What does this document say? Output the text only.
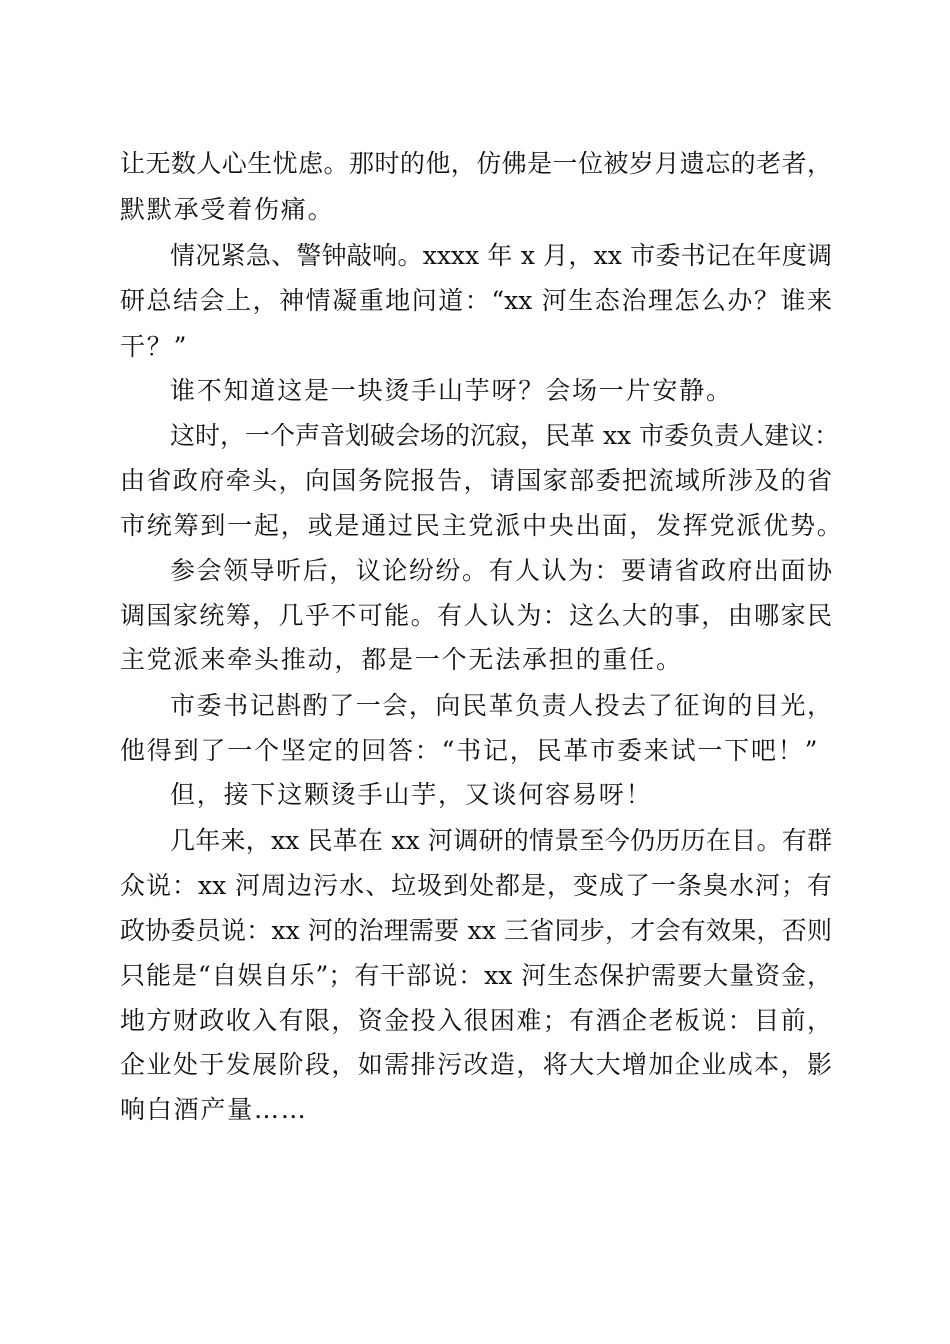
让无数人心生忧虑。那时的他，仿佛是一位被岁月遗忘的老者，

默默承受着伤痛。

情况紧急、警钟敲响。xxxx 年 x 月，xx 市委书记在年度调

研总结会上，神情凝重地问道：“xx 河生态治理怎么办？谁来

干？”

谁不知道这是一块烫手山芋呀？会场一片安静。

这时，一个声音划破会场的沉寂，民革 xx 市委负责人建议：

由省政府牵头，向国务院报告，请国家部委把流域所涉及的省

市统筹到一起，或是通过民主党派中央出面，发挥党派优势。

参会领导听后，议论纷纷。有人认为：要请省政府出面协

调国家统筹，几乎不可能。有人认为：这么大的事，由哪家民

主党派来牵头推动，都是一个无法承担的重任。

市委书记斟酌了一会，向民革负责人投去了征询的目光，

他得到了一个坚定的回答：“书记，民革市委来试一下吧！”

但，接下这颗烫手山芋，又谈何容易呀！

几年来，xx 民革在 xx 河调研的情景至今仍历历在目。有群

众说：xx 河周边污水、垃圾到处都是，变成了一条臭水河；有

政协委员说：xx 河的治理需要 xx 三省同步，才会有效果，否则

只能是“自娱自乐”；有干部说：xx 河生态保护需要大量资金，

地方财政收入有限，资金投入很困难；有酒企老板说：目前，

企业处于发展阶段，如需排污改造，将大大增加企业成本，影

响白酒产量……
